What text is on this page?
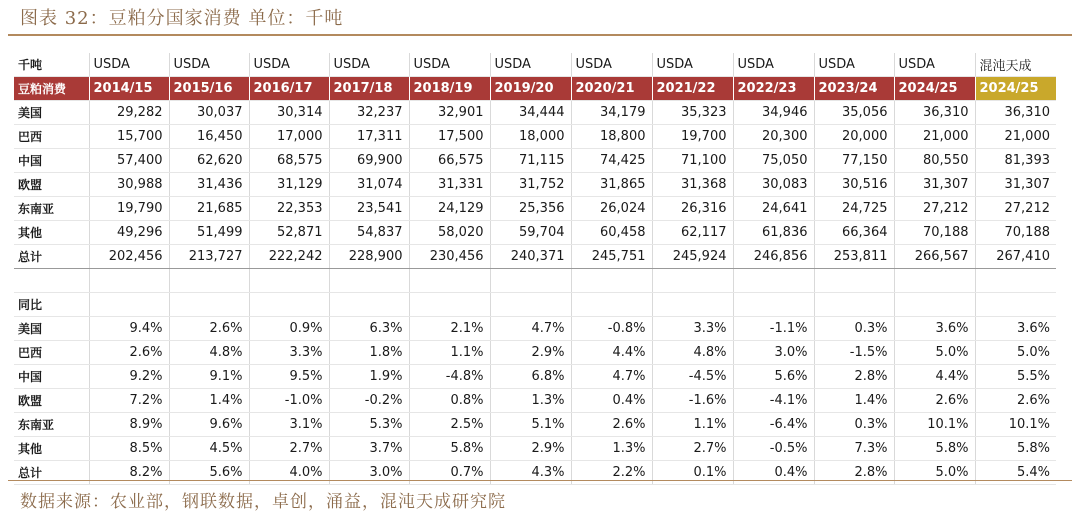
图表 32：豆粕分国家消费 单位：千吨
千吨	USDA	USDA	USDA	USDA	USDA	USDA	USDA	USDA	USDA	USDA	USDA	混沌天成
豆粕消费	2014/15	2015/16	2016/17	2017/18	2018/19	2019/20	2020/21	2021/22	2022/23	2023/24	2024/25	2024/25
美国	29,282	30,037	30,314	32,237	32,901	34,444	34,179	35,323	34,946	35,056	36,310	36,310
巴西	15,700	16,450	17,000	17,311	17,500	18,000	18,800	19,700	20,300	20,000	21,000	21,000
中国	57,400	62,620	68,575	69,900	66,575	71,115	74,425	71,100	75,050	77,150	80,550	81,393
欧盟	30,988	31,436	31,129	31,074	31,331	31,752	31,865	31,368	30,083	30,516	31,307	31,307
东南亚	19,790	21,685	22,353	23,541	24,129	25,356	26,024	26,316	24,641	24,725	27,212	27,212
其他	49,296	51,499	52,871	54,837	58,020	59,704	60,458	62,117	61,836	66,364	70,188	70,188
总计	202,456	213,727	222,242	228,900	230,456	240,371	245,751	245,924	246,856	253,811	266,567	267,410

同比												
美国	9.4%	2.6%	0.9%	6.3%	2.1%	4.7%	-0.8%	3.3%	-1.1%	0.3%	3.6%	3.6%
巴西	2.6%	4.8%	3.3%	1.8%	1.1%	2.9%	4.4%	4.8%	3.0%	-1.5%	5.0%	5.0%
中国	9.2%	9.1%	9.5%	1.9%	-4.8%	6.8%	4.7%	-4.5%	5.6%	2.8%	4.4%	5.5%
欧盟	7.2%	1.4%	-1.0%	-0.2%	0.8%	1.3%	0.4%	-1.6%	-4.1%	1.4%	2.6%	2.6%
东南亚	8.9%	9.6%	3.1%	5.3%	2.5%	5.1%	2.6%	1.1%	-6.4%	0.3%	10.1%	10.1%
其他	8.5%	4.5%	2.7%	3.7%	5.8%	2.9%	1.3%	2.7%	-0.5%	7.3%	5.8%	5.8%
总计	8.2%	5.6%	4.0%	3.0%	0.7%	4.3%	2.2%	0.1%	0.4%	2.8%	5.0%	5.4%
数据来源：农业部，钢联数据，卓创，涌益，混沌天成研究院
